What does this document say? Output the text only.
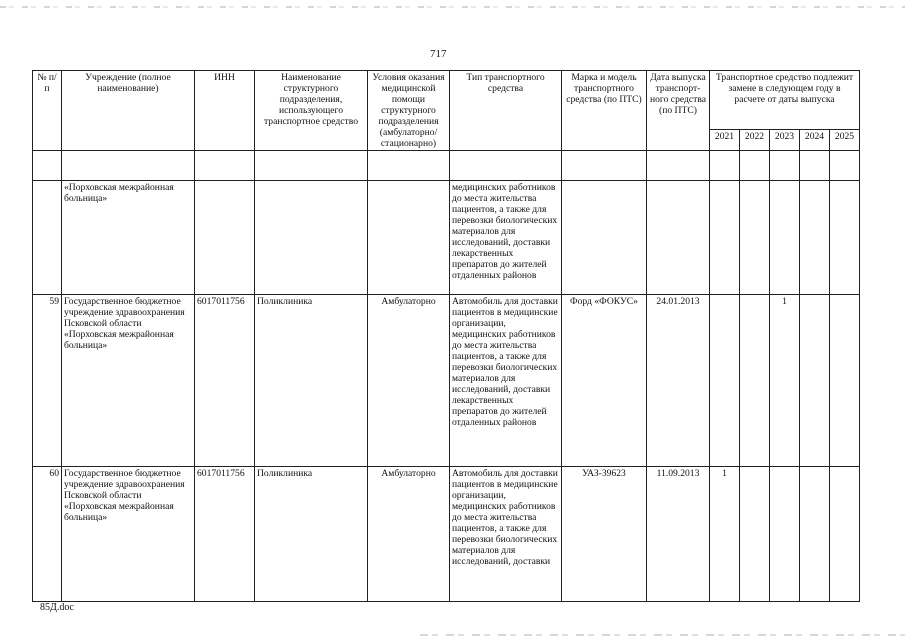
717
№ п/п	Учреждение (полное наименование)	ИНН	Наименование структурного подразделения, использующего транспортное средство	Условия оказания медицинской помощи структурного подразделения (амбулаторно/ стационарно)	Тип транспортного средства	Марка и модель транспортного средства (по ПТС)	Дата выпуска транспорт-ного средства (по ПТС)	Транспортное средство подлежит замене в следующем году в расчете от даты выпуска				
								2021	2022	2023	2024	2025

	«Порховская межрайонная больница»				медицинских работников до места жительства пациентов, а также для перевозки биологических материалов для исследований, доставки лекарственных препаратов до жителей отдаленных районов							
59	Государственное бюджетное учреждение здравоохранения Псковской области «Порховская межрайонная больница»	6017011756	Поликлиника	Амбулаторно	Автомобиль для доставки пациентов в медицинские организации, медицинских работников до места жительства пациентов, а также для перевозки биологических материалов для исследований, доставки лекарственных препаратов до жителей отдаленных районов	Форд «ФОКУС»	24.01.2013			1		
60	Государственное бюджетное учреждение здравоохранения Псковской области «Порховская межрайонная больница»	6017011756	Поликлиника	Амбулаторно	Автомобиль для доставки пациентов в медицинские организации, медицинских работников до места жительства пациентов, а также для перевозки биологических материалов для исследований, доставки	УАЗ-39623	11.09.2013	1				
85Д.doc
